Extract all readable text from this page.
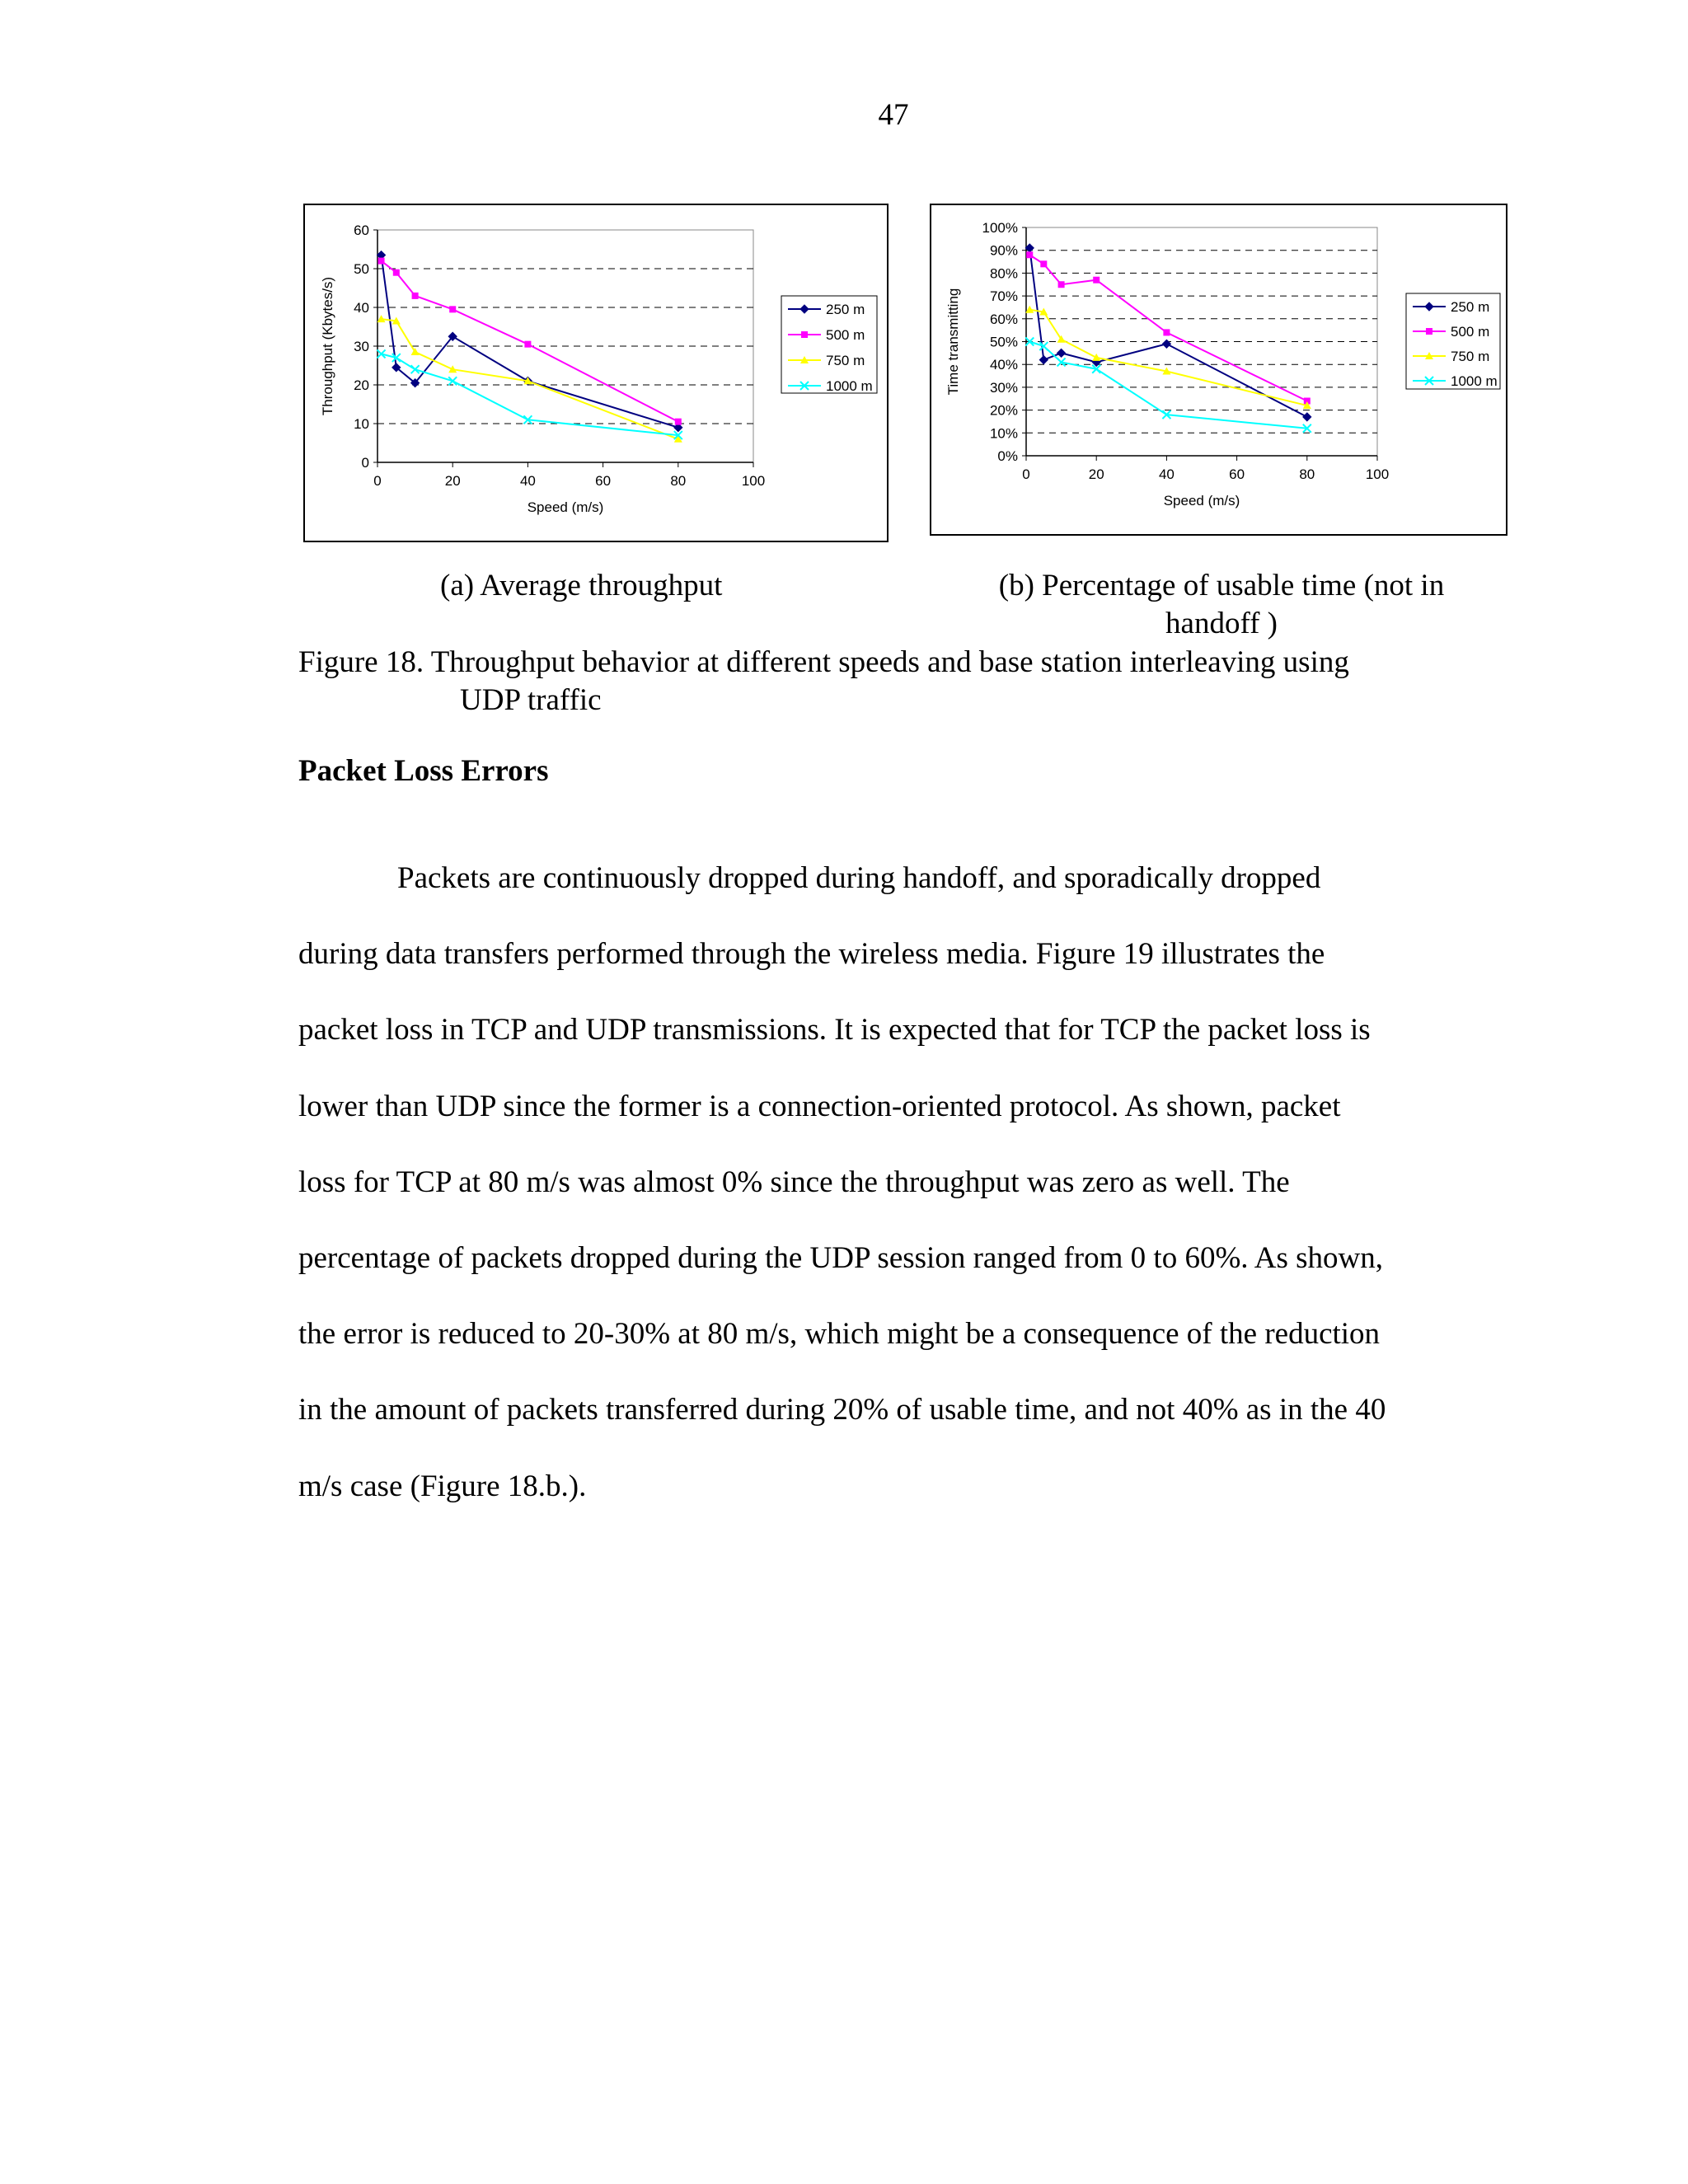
47
0
10
20
30
40
50
60
0	20	40	60	80	100
Speed (m/s)
Throughput (Kbytes/s)	250 m
500 m
750 m
1000 m
0%
10%
20%
30%
40%
50%
60%
70%
80%
90%
100%
0	20	40	60	80	100
Speed (m/s)
Time transmitting	250 m
500 m
750 m
1000 m
(a) Average throughput	(b) Percentage of usable time (not in handoff )
Figure 18. Throughput behavior at different speeds and base station interleaving using
UDP traffic
Packet Loss Errors
Packets are continuously dropped during handoff, and sporadically dropped
during data transfers performed through the wireless media. Figure 19 illustrates the
packet loss in TCP and UDP transmissions. It is expected that for TCP the packet loss is
lower than UDP since the former is a connection-oriented protocol. As shown, packet
loss for TCP at 80 m/s was almost 0% since the throughput was zero as well. The
percentage of packets dropped during the UDP session ranged from 0 to 60%. As shown,
the error is reduced to 20-30% at 80 m/s, which might be a consequence of the reduction
in the amount of packets transferred during 20% of usable time, and not 40% as in the 40
m/s case (Figure 18.b.).
